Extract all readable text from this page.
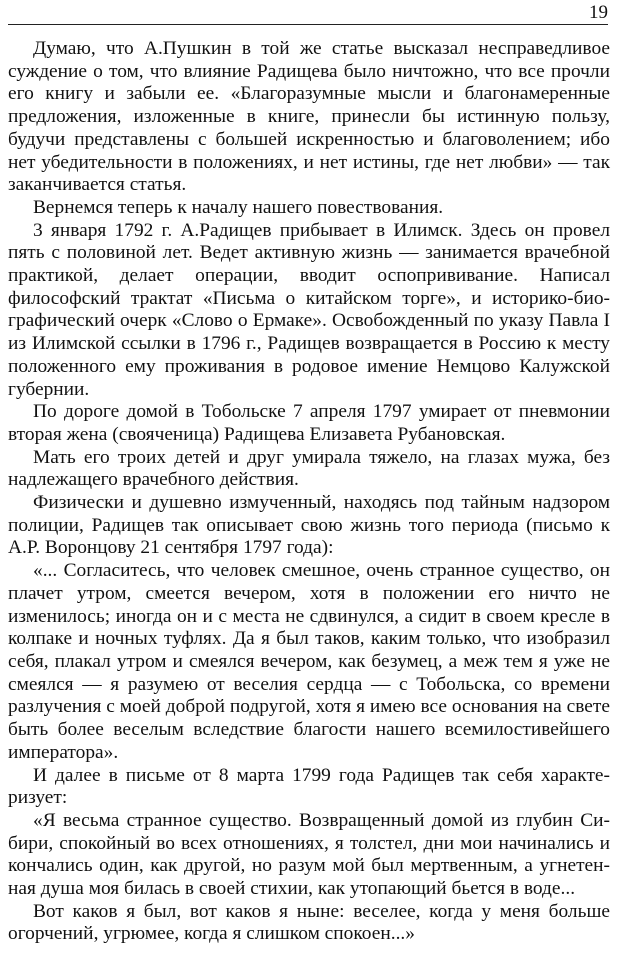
19

Думаю, что А.Пушкин в той же статье высказал несправедливое суждение о том, что влияние Радищева было ничтожно, что все прочли его книгу и забыли ее. «Благоразумные мысли и благонамеренные предложения, изложенные в книге, принесли бы истинную пользу, будучи представлены с большей искренностью и благоволением; ибо нет убедительности в положениях, и нет истины, где нет любви» — так заканчивается статья.

Вернемся теперь к началу нашего повествования.

3 января 1792 г. А.Радищев прибывает в Илимск. Здесь он провел пять с половиной лет. Ведет активную жизнь — занимается врачебной практикой, делает операции, вводит оспопрививание. Написал философский трактат «Письма о китайском торге», и историко-биографический очерк «Слово о Ермаке». Освобожденный по указу Павла I из Илимской ссылки в 1796 г., Радищев возвращается в Россию к месту положенного ему проживания в родовое имение Немцово Калужской губернии.

По дороге домой в Тобольске 7 апреля 1797 умирает от пневмонии вторая жена (свояченица) Радищева Елизавета Рубановская.

Мать его троих детей и друг умирала тяжело, на глазах мужа, без надлежащего врачебного действия.

Физически и душевно измученный, находясь под тайным надзором полиции, Радищев так описывает свою жизнь того периода (письмо к А.Р. Воронцову 21 сентября 1797 года):

«... Согласитесь, что человек смешное, очень странное существо, он плачет утром, смеется вечером, хотя в положении его ничто не изменилось; иногда он и с места не сдвинулся, а сидит в своем кресле в колпаке и ночных туфлях. Да я был таков, каким только, что изобразил себя, плакал утром и смеялся вечером, как безумец, а меж тем я уже не смеялся — я разумею от веселия сердца — с Тобольска, со времени разлучения с моей доброй подругой, хотя я имею все основания на свете быть более веселым вследствие благости нашего всемилостивейшего императора».

И далее в письме от 8 марта 1799 года Радищев так себя характеризует:

«Я весьма странное существо. Возвращенный домой из глубин Сибири, спокойный во всех отношениях, я толстел, дни мои начинались и кончались один, как другой, но разум мой был мертвенным, а угнетенная душа моя билась в своей стихии, как утопающий бьется в воде...

Вот каков я был, вот каков я ныне: веселее, когда у меня больше огорчений, угрюмее, когда я слишком спокоен...»
